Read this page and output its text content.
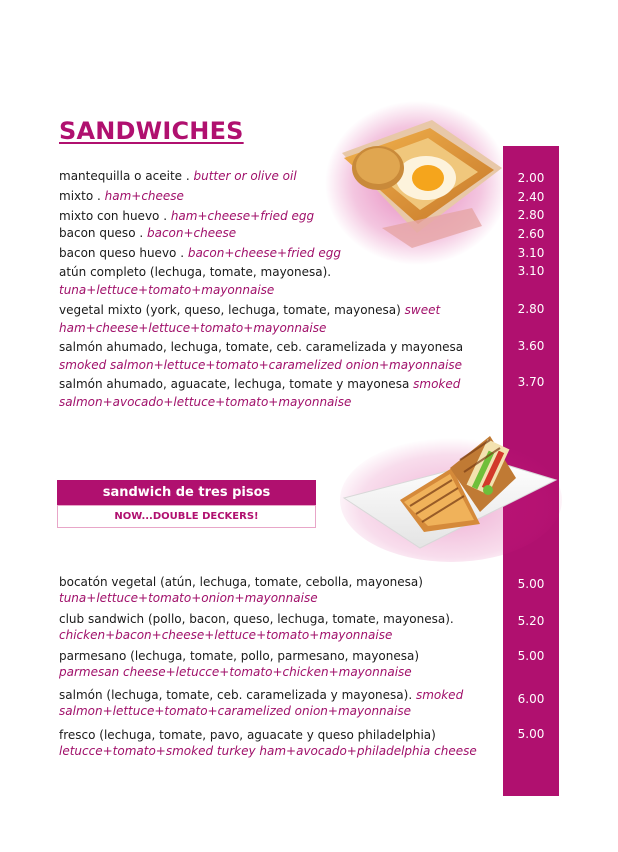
SANDWICHES
mantequilla o aceite . butter or olive oil
mixto . ham+cheese
mixto con huevo . ham+cheese+fried egg
bacon queso . bacon+cheese
bacon queso huevo . bacon+cheese+fried egg
atún completo (lechuga, tomate, mayonesa).
tuna+lettuce+tomato+mayonnaise
vegetal mixto (york, queso, lechuga, tomate, mayonesa) sweet
ham+cheese+lettuce+tomato+mayonnaise
salmón ahumado, lechuga, tomate, ceb. caramelizada y mayonesa
smoked salmon+lettuce+tomato+caramelized onion+mayonnaise
salmón ahumado, aguacate, lechuga, tomate y mayonesa smoked
salmon+avocado+lettuce+tomato+mayonnaise
2.00
2.40
2.80
2.60
3.10
3.10
2.80
3.60
3.70
5.00
5.20
5.00
6.00
5.00
sandwich de tres pisos
NOW...DOUBLE DECKERS!
bocatón vegetal (atún, lechuga, tomate, cebolla, mayonesa)
tuna+lettuce+tomato+onion+mayonnaise
club sandwich (pollo, bacon, queso, lechuga, tomate, mayonesa).
chicken+bacon+cheese+lettuce+tomato+mayonnaise
parmesano (lechuga, tomate, pollo, parmesano, mayonesa)
parmesan cheese+letucce+tomato+chicken+mayonnaise
salmón (lechuga, tomate, ceb. caramelizada y mayonesa). smoked
salmon+lettuce+tomato+caramelized onion+mayonnaise
fresco (lechuga, tomate, pavo, aguacate y queso philadelphia)
letucce+tomato+smoked turkey ham+avocado+philadelphia cheese
